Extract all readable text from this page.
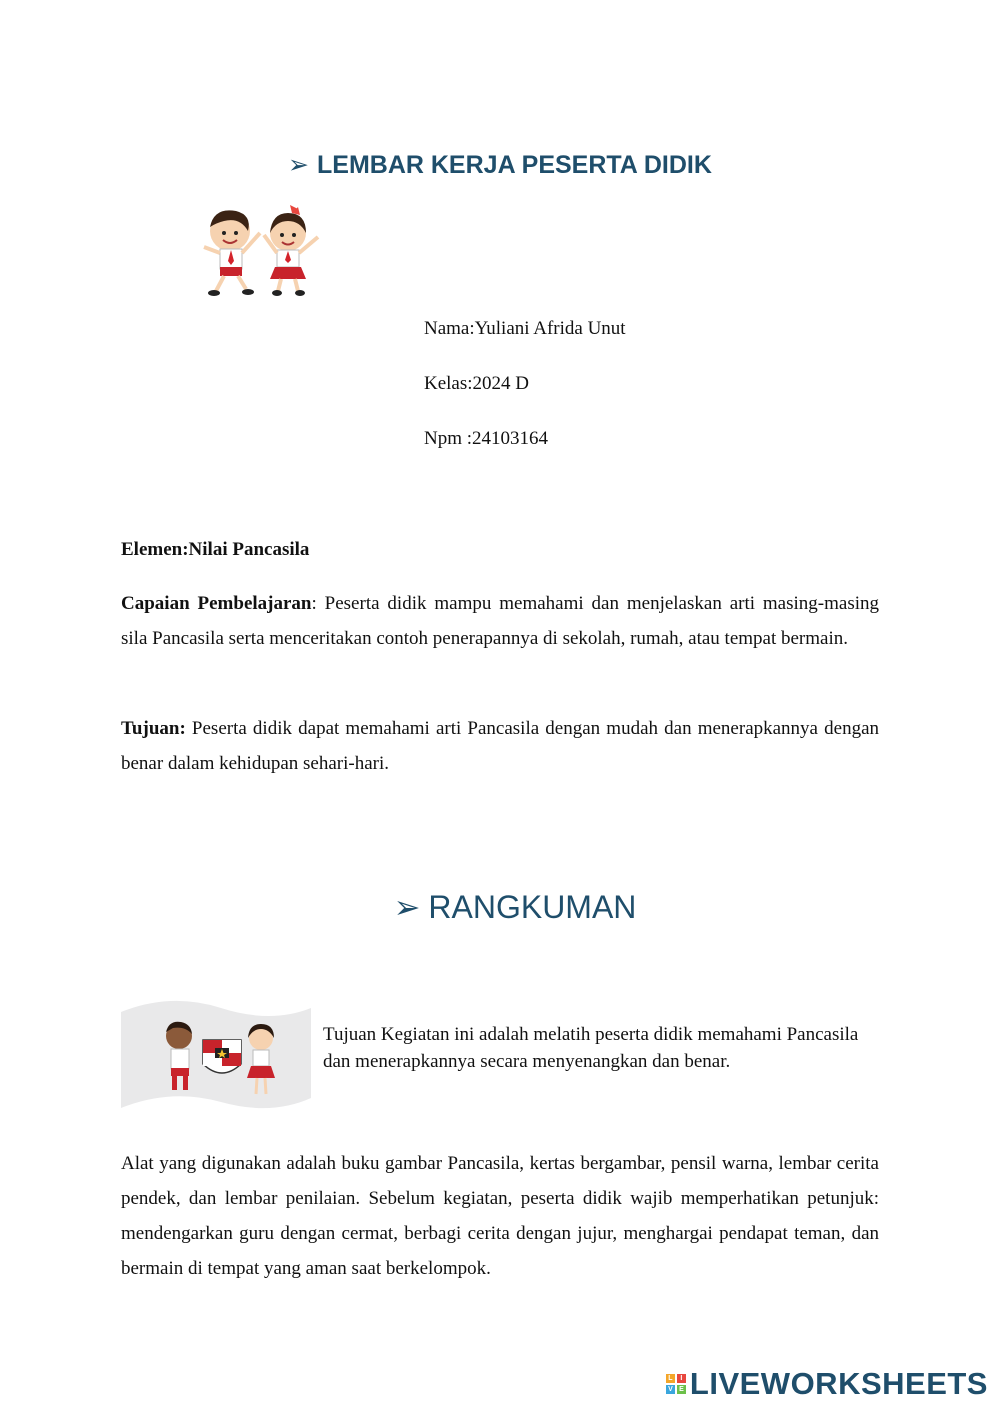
➢ LEMBAR KERJA PESERTA DIDIK
Nama:Yuliani Afrida Unut
Kelas:2024 D
Npm :24103164
Elemen:Nilai Pancasila
Capaian Pembelajaran: Peserta didik mampu memahami dan menjelaskan arti masing-masing sila Pancasila serta menceritakan contoh penerapannya di sekolah, rumah, atau tempat bermain.
Tujuan: Peserta didik dapat memahami arti Pancasila dengan mudah dan menerapkannya dengan benar dalam kehidupan sehari-hari.
➢ RANGKUMAN
Tujuan Kegiatan ini adalah melatih peserta didik memahami Pancasila dan menerapkannya secara menyenangkan dan benar.
Alat yang digunakan adalah buku gambar Pancasila, kertas bergambar, pensil warna, lembar cerita pendek, dan lembar penilaian. Sebelum kegiatan, peserta didik wajib memperhatikan petunjuk: mendengarkan guru dengan cermat, berbagi cerita dengan jujur, menghargai pendapat teman, dan bermain di tempat yang aman saat berkelompok.
L	I
V E LIVEWORKSHEETS
